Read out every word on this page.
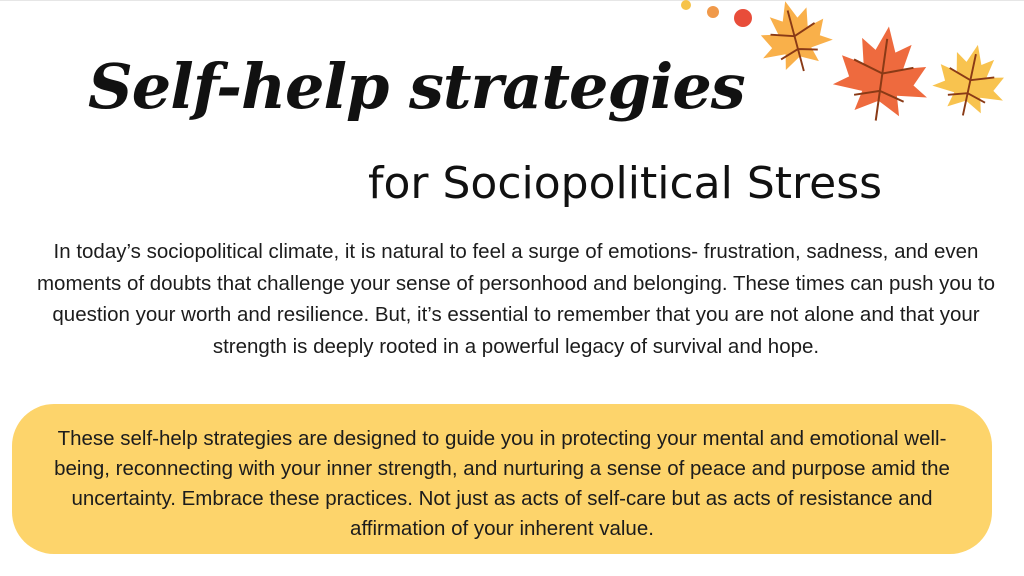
Self-help strategies
for Sociopolitical Stress

In today’s sociopolitical climate, it is natural to feel a surge of emotions- frustration, sadness, and even moments of doubts that challenge your sense of personhood and belonging. These times can push you to question your worth and resilience. But, it’s essential to remember that you are not alone and that your strength is deeply rooted in a powerful legacy of survival and hope.

These self-help strategies are designed to guide you in protecting your mental and emotional well-being, reconnecting with your inner strength, and nurturing a sense of peace and purpose amid the uncertainty. Embrace these practices. Not just as acts of self-care but as acts of resistance and affirmation of your inherent value.
